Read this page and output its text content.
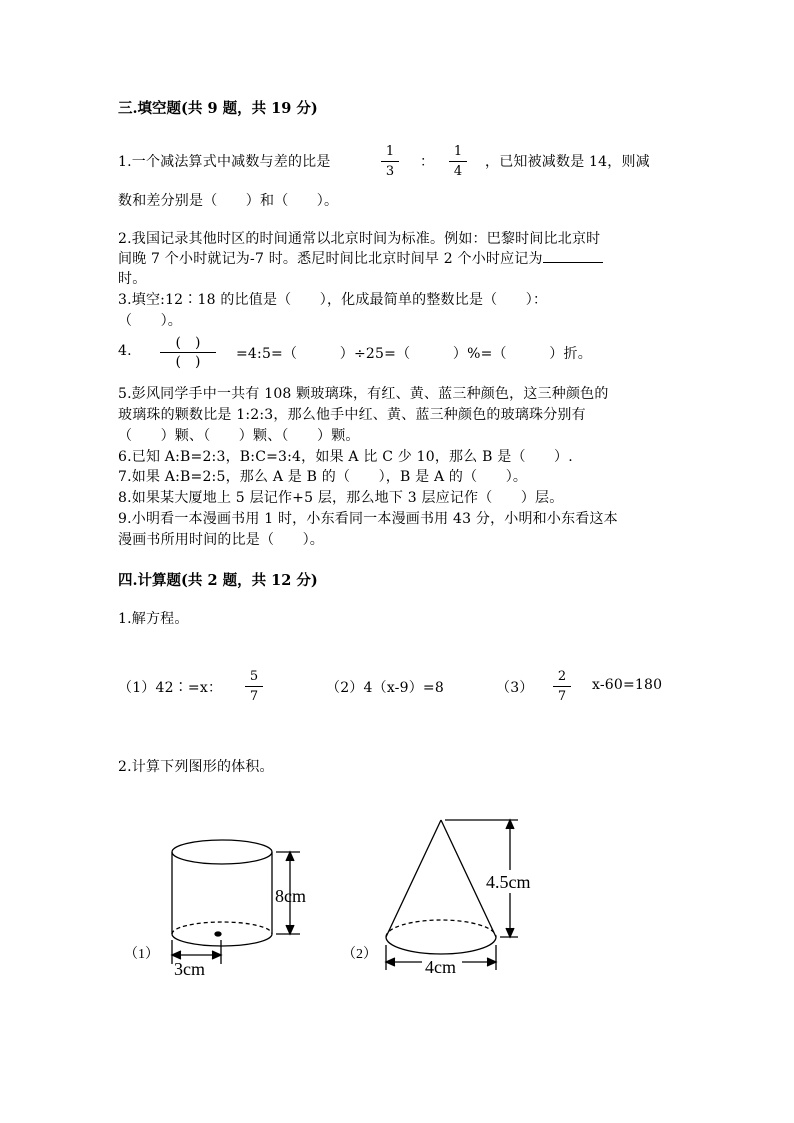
三.填空题(共 9 题，共 19 分)
1.一个减法算式中减数与差的比是
1
3
：
1
4
，已知被减数是 14，则减
数和差分别是（　　）和（　　）。
2.我国记录其他时区的时间通常以北京时间为标准。例如：巴黎时间比北京时
间晚 7 个小时就记为-7 时。悉尼时间比北京时间早 2 个小时应记为
时。
3.填空:12∶18 的比值是（　　），化成最简单的整数比是（　　）：
（　　）。
4.	(　)
(　)	=4:5=（　　　）÷25=（　　　）%=（　　　）折。
5.彭风同学手中一共有 108 颗玻璃珠，有红、黄、蓝三种颜色，这三种颜色的
玻璃珠的颗数比是 1:2:3，那么他手中红、黄、蓝三种颜色的玻璃珠分别有
（　　）颗、（　　）颗、（　　）颗。
6.已知 A:B=2:3，B:C=3:4，如果 A 比 C 少 10，那么 B 是（　　）.
7.如果 A:B=2:5，那么 A 是 B 的（　　），B 是 A 的（　　）。
8.如果某大厦地上 5 层记作+5 层，那么地下 3 层应记作（　　）层。
9.小明看一本漫画书用 1 时，小东看同一本漫画书用 43 分，小明和小东看这本
漫画书所用时间的比是（　　）。
四.计算题(共 2 题，共 12 分)
1.解方程。
（1）42∶=x：
5
7
（2）4（x-9）=8	（3）
2
7
x-60=180
2.计算下列图形的体积。
（1）
8cm
3cm
（2）
4.5cm
4cm
